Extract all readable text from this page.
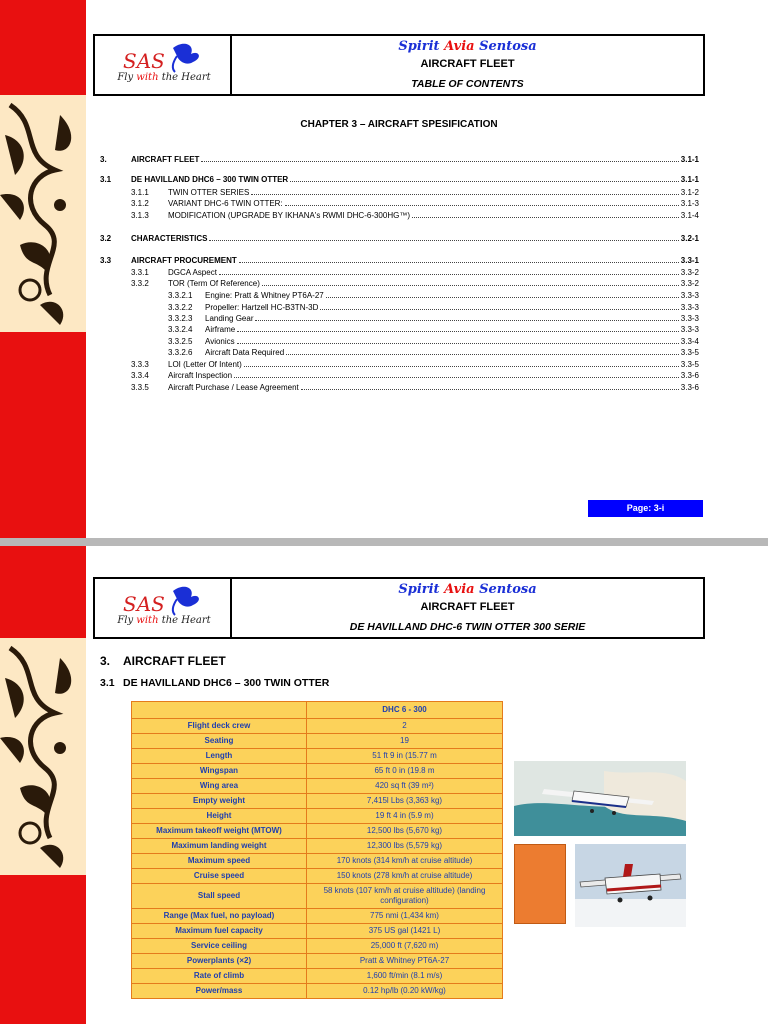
SAS
Fly with the Heart
Spirit Avia Sentosa
AIRCRAFT FLEET
TABLE OF CONTENTS
CHAPTER 3 – AIRCRAFT SPESIFICATION
3.	AIRCRAFT FLEET	3.1-1
3.1	DE HAVILLAND DHC6 – 300 TWIN OTTER	3.1-1
3.1.1	TWIN OTTER SERIES	3.1-2
3.1.2	VARIANT DHC-6 TWIN OTTER:	3.1-3
3.1.3	MODIFICATION (UPGRADE BY IKHANA's RWMI DHC-6-300HG™)	3.1-4
3.2	CHARACTERISTICS	3.2-1
3.3	AIRCRAFT PROCUREMENT	3.3-1
3.3.1	DGCA Aspect	3.3-2
3.3.2	TOR (Term Of Reference)	3.3-2
3.3.2.1	Engine: Pratt & Whitney PT6A-27	3.3-3
3.3.2.2	Propeller: Hartzell HC-B3TN-3D	3.3-3
3.3.2.3	Landing Gear	3.3-3
3.3.2.4	Airframe	3.3-3
3.3.2.5	Avionics	3.3-4
3.3.2.6	Aircraft Data Required	3.3-5
3.3.3	LOI (Letter Of Intent)	3.3-5
3.3.4	Aircraft Inspection	3.3-6
3.3.5	Aircraft Purchase / Lease Agreement	3.3-6
Page: 3-i
SAS
Fly with the Heart
Spirit Avia Sentosa
AIRCRAFT FLEET
DE HAVILLAND DHC-6 TWIN OTTER 300 SERIE
3. AIRCRAFT FLEET
3.1 DE HAVILLAND DHC6 – 300 TWIN OTTER
	DHC 6 - 300
Flight deck crew	2
Seating	19
Length	51 ft 9 in (15.77 m
Wingspan	65 ft 0 in (19.8 m
Wing area	420 sq ft (39 m²)
Empty weight	7,415l Lbs (3,363 kg)
Height	19 ft 4 in (5.9 m)
Maximum takeoff weight (MTOW)	12,500 lbs (5,670 kg)
Maximum landing weight	12,300 lbs (5,579 kg)
Maximum speed	170 knots (314 km/h at cruise altitude)
Cruise speed	150 knots (278 km/h at cruise altitude)
Stall speed	58 knots (107 km/h at cruise altitude) (landing configuration)
Range (Max fuel, no payload)	775 nmi (1,434 km)
Maximum fuel capacity	375 US gal (1421 L)
Service ceiling	25,000 ft (7,620 m)
Powerplants (×2)	Pratt & Whitney PT6A-27
Rate of climb	1,600 ft/min (8.1 m/s)
Power/mass	0.12 hp/lb (0.20 kW/kg)
